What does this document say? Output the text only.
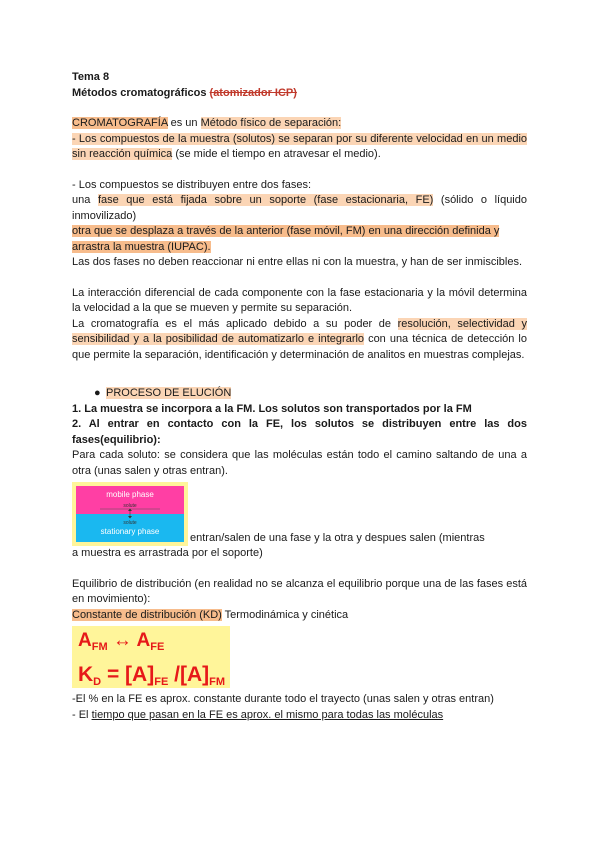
Tema 8

Métodos cromatográficos (atomizador ICP)

CROMATOGRAFÍA es un Método físico de separación:

- Los compuestos de la muestra (solutos) se separan por su diferente velocidad en un medio sin reacción química (se mide el tiempo en atravesar el medio).

- Los compuestos se distribuyen entre dos fases:

una fase que está fijada sobre un soporte (fase estacionaria, FE) (sólido o líquido inmovilizado)

otra que se desplaza a través de la anterior (fase móvil, FM) en una dirección definida y arrastra la muestra (IUPAC).

Las dos fases no deben reaccionar ni entre ellas ni con la muestra, y han de ser inmiscibles.

La interacción diferencial de cada componente con la fase estacionaria y la móvil determina la velocidad a la que se mueven y permite su separación.

La cromatografía es el más aplicado debido a su poder de resolución, selectividad y sensibilidad y a la posibilidad de automatizarlo e integrarlo con una técnica de detección lo que permite la separación, identificación y determinación de analitos en muestras complejas.

● PROCESO DE ELUCIÓN

1. La muestra se incorpora a la FM. Los solutos son transportados por la FM

2. Al entrar en contacto con la FE, los solutos se distribuyen entre las dos fases(equilibrio):

Para cada soluto: se considera que las moléculas están todo el camino saltando de una a otra (unas salen y otras entran).

mobile phase
solute
solute
stationary phase	entran/salen de una fase y la otra y despues salen (mientras

a muestra es arrastrada por el soporte)

Equilibrio de distribución (en realidad no se alcanza el equilibrio porque una de las fases está en movimiento):

Constante de distribución (KD) Termodinámica y cinética

$A_{FM}$ ↔ $A_{FE}$
$K_D = [A]_{FE}$ $/[A]_{FM}$

-El % en la FE es aprox. constante durante todo el trayecto (unas salen y otras entran)

- El tiempo que pasan en la FE es aprox. el mismo para todas las moléculas
